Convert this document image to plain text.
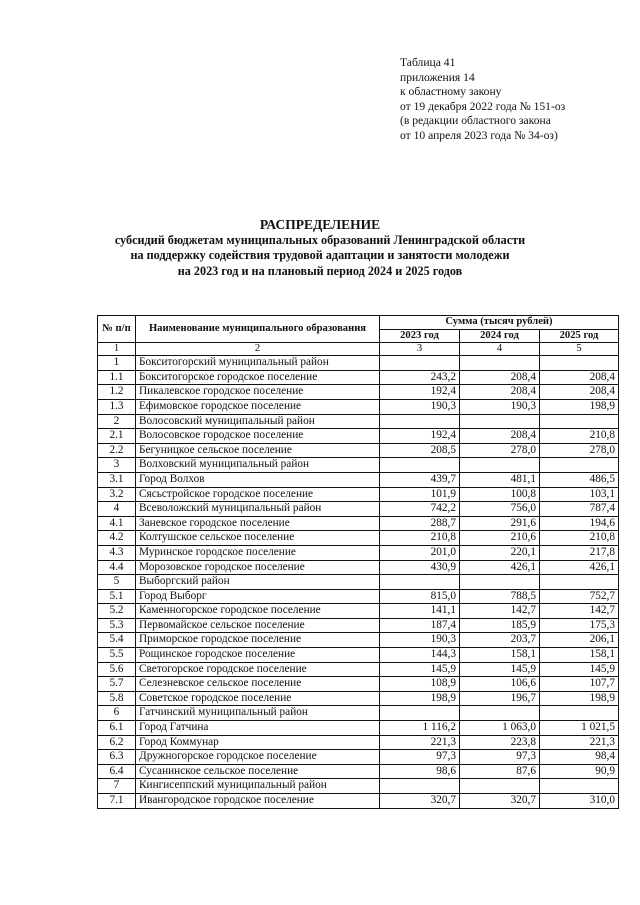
Таблица 41
приложения 14
к областному закону
от 19 декабря 2022 года № 151-оз
(в редакции областного закона
от 10 апреля 2023 года № 34-оз)
РАСПРЕДЕЛЕНИЕ
субсидий бюджетам муниципальных образований Ленинградской области
на поддержку содействия трудовой адаптации и занятости молодежи
на 2023 год и на плановый период 2024 и 2025 годов
№ п/п	Наименование муниципального образования	Сумма (тысяч рублей)		
		2023 год	2024 год	2025 год
1	2	3	4	5
1	Бокситогорский муниципальный район			
1.1	Бокситогорское городское поселение	243,2	208,4	208,4
1.2	Пикалевское городское поселение	192,4	208,4	208,4
1.3	Ефимовское городское поселение	190,3	190,3	198,9
2	Волосовский муниципальный район			
2.1	Волосовское городское поселение	192,4	208,4	210,8
2.2	Бегуницкое сельское поселение	208,5	278,0	278,0
3	Волховский муниципальный район			
3.1	Город Волхов	439,7	481,1	486,5
3.2	Сясьстройское городское поселение	101,9	100,8	103,1
4	Всеволожский муниципальный район	742,2	756,0	787,4
4.1	Заневское городское поселение	288,7	291,6	194,6
4.2	Колтушское сельское поселение	210,8	210,6	210,8
4.3	Муринское городское поселение	201,0	220,1	217,8
4.4	Морозовское городское поселение	430,9	426,1	426,1
5	Выборгский район			
5.1	Город Выборг	815,0	788,5	752,7
5.2	Каменногорское городское поселение	141,1	142,7	142,7
5.3	Первомайское сельское поселение	187,4	185,9	175,3
5.4	Приморское городское поселение	190,3	203,7	206,1
5.5	Рощинское городское поселение	144,3	158,1	158,1
5.6	Светогорское городское поселение	145,9	145,9	145,9
5.7	Селезневское сельское поселение	108,9	106,6	107,7
5.8	Советское городское поселение	198,9	196,7	198,9
6	Гатчинский муниципальный район			
6.1	Город Гатчина	1 116,2	1 063,0	1 021,5
6.2	Город Коммунар	221,3	223,8	221,3
6.3	Дружногорское городское поселение	97,3	97,3	98,4
6.4	Сусанинское сельское поселение	98,6	87,6	90,9
7	Кингисеппский муниципальный район			
7.1	Ивангородское городское поселение	320,7	320,7	310,0
